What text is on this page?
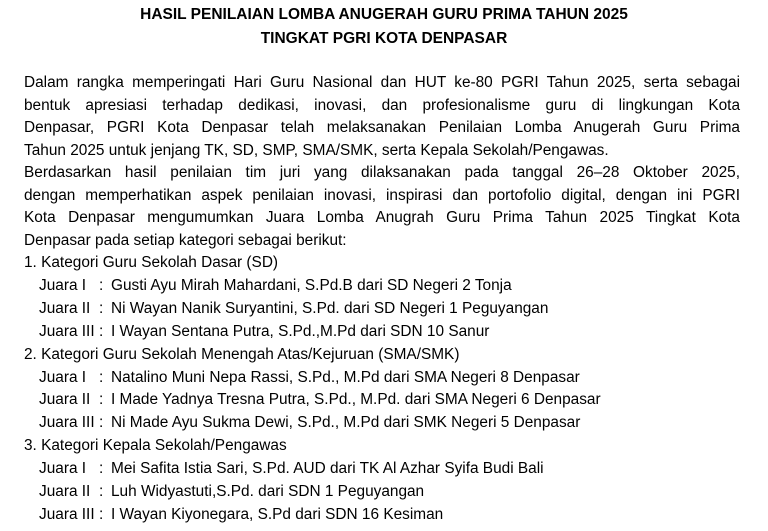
HASIL PENILAIAN LOMBA ANUGERAH GURU PRIMA TAHUN 2025
TINGKAT PGRI KOTA DENPASAR
Dalam rangka memperingati Hari Guru Nasional dan HUT ke-80 PGRI Tahun 2025, serta sebagai
bentuk apresiasi terhadap dedikasi, inovasi, dan profesionalisme guru di lingkungan Kota
Denpasar, PGRI Kota Denpasar telah melaksanakan Penilaian Lomba Anugerah Guru Prima
Tahun 2025 untuk jenjang TK, SD, SMP, SMA/SMK, serta Kepala Sekolah/Pengawas.
Berdasarkan hasil penilaian tim juri yang dilaksanakan pada tanggal 26–28 Oktober 2025,
dengan memperhatikan aspek penilaian inovasi, inspirasi dan portofolio digital, dengan ini PGRI
Kota Denpasar mengumumkan Juara Lomba Anugrah Guru Prima Tahun 2025 Tingkat Kota
Denpasar pada setiap kategori sebagai berikut:
1. Kategori Guru Sekolah Dasar (SD)
Juara I : Gusti Ayu Mirah Mahardani, S.Pd.B dari SD Negeri 2 Tonja
Juara II : Ni Wayan Nanik Suryantini, S.Pd. dari SD Negeri 1 Peguyangan
Juara III : I Wayan Sentana Putra, S.Pd.,M.Pd dari SDN 10 Sanur
2. Kategori Guru Sekolah Menengah Atas/Kejuruan (SMA/SMK)
Juara I : Natalino Muni Nepa Rassi, S.Pd., M.Pd dari SMA Negeri 8 Denpasar
Juara II : I Made Yadnya Tresna Putra, S.Pd., M.Pd. dari SMA Negeri 6 Denpasar
Juara III : Ni Made Ayu Sukma Dewi, S.Pd., M.Pd dari SMK Negeri 5 Denpasar
3. Kategori Kepala Sekolah/Pengawas
Juara I : Mei Safita Istia Sari, S.Pd. AUD dari TK Al Azhar Syifa Budi Bali
Juara II : Luh Widyastuti,S.Pd. dari SDN 1 Peguyangan
Juara III : I Wayan Kiyonegara, S.Pd dari SDN 16 Kesiman
